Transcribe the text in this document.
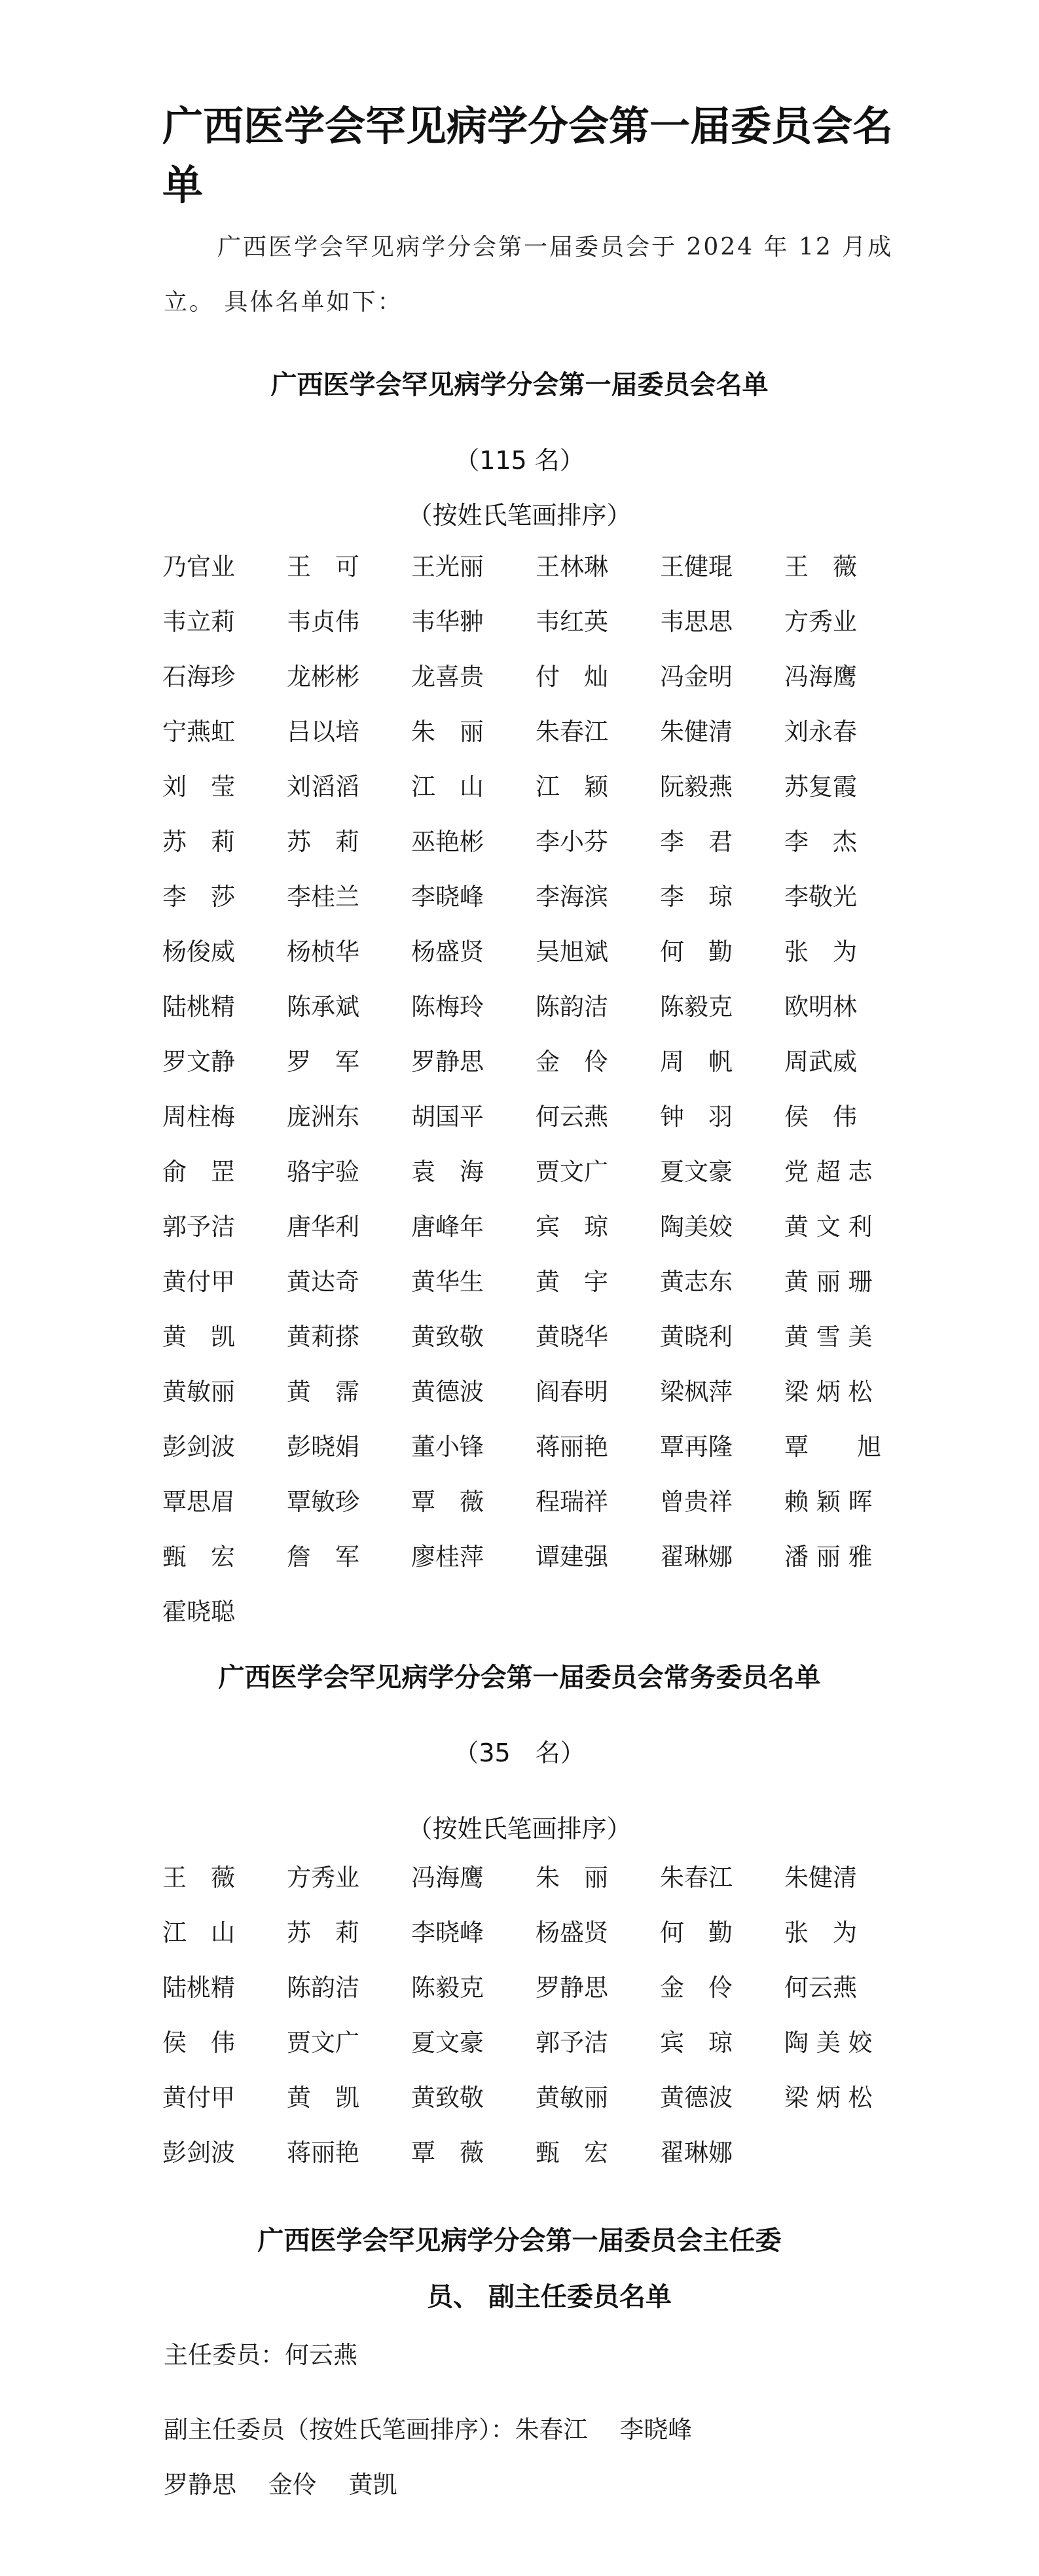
广西医学会罕见病学分会第一届委员会名单
广西医学会罕见病学分会第一届委员会于 2024 年 12 月成立。 具体名单如下：
广西医学会罕见病学分会第一届委员会名单
（115 名）
（按姓氏笔画排序）
乃官业 王　可 王光丽 王林琳 王健琨 王　薇
韦立莉 韦贞伟 韦华翀 韦红英 韦思思 方秀业
石海珍 龙彬彬 龙喜贵 付　灿 冯金明 冯海鹰
宁燕虹 吕以培 朱　丽 朱春江 朱健清 刘永春
刘　莹 刘滔滔 江　山 江　颖 阮毅燕 苏复霞
苏　莉 苏　莉 巫艳彬 李小芬 李　君 李　杰
李　莎 李桂兰 李晓峰 李海滨 李　琼 李敬光
杨俊威 杨桢华 杨盛贤 吴旭斌 何　勤 张　为
陆桃精 陈承斌 陈梅玲 陈韵洁 陈毅克 欧明林
罗文静 罗　军 罗静思 金　伶 周　帆 周武威
周柱梅 庞洲东 胡国平 何云燕 钟　羽 侯　伟
俞　罡 骆宇验 袁　海 贾文广 夏文豪 党 超 志
郭予洁 唐华利 唐峰年 宾　琼 陶美姣 黄 文 利
黄付甲 黄达奇 黄华生 黄　宇 黄志东 黄 丽 珊
黄　凯 黄莉搽 黄致敬 黄晓华 黄晓利 黄 雪 美
黄敏丽 黄　霈 黄德波 阎春明 梁枫萍 梁 炳 松
彭剑波 彭晓娟 董小锋 蒋丽艳 覃再隆 覃　　旭
覃思眉 覃敏珍 覃　薇 程瑞祥 曾贵祥 赖 颖 晖
甄　宏 詹　军 廖桂萍 谭建强 翟琳娜 潘 丽 雅
霍晓聪
广西医学会罕见病学分会第一届委员会常务委员名单
（35　名）
（按姓氏笔画排序）
王　薇 方秀业 冯海鹰 朱　丽 朱春江 朱健清
江　山 苏　莉 李晓峰 杨盛贤 何　勤 张　为
陆桃精 陈韵洁 陈毅克 罗静思 金　伶 何云燕
侯　伟 贾文广 夏文豪 郭予洁 宾　琼 陶 美 姣
黄付甲 黄　凯 黄致敬 黄敏丽 黄德波 梁 炳 松
彭剑波 蒋丽艳 覃　薇 甄　宏 翟琳娜
广西医学会罕见病学分会第一届委员会主任委
员、 副主任委员名单
主任委员：何云燕
副主任委员（按姓氏笔画排序）：朱春江　 李晓峰
罗静思　 金伶　 黄凯
